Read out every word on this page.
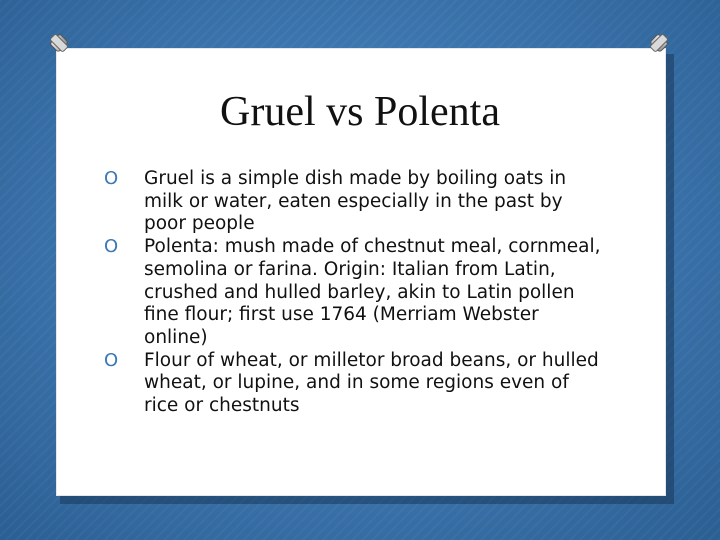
Gruel vs Polenta
O Gruel is a simple dish made by boiling oats in milk or water, eaten especially in the past by poor people
O Polenta: mush made of chestnut meal, cornmeal, semolina or farina. Origin: Italian from Latin, crushed and hulled barley, akin to Latin pollen fine flour; first use 1764 (Merriam Webster online)
O Flour of wheat, or milletor broad beans, or hulled wheat, or lupine, and in some regions even of rice or chestnuts
